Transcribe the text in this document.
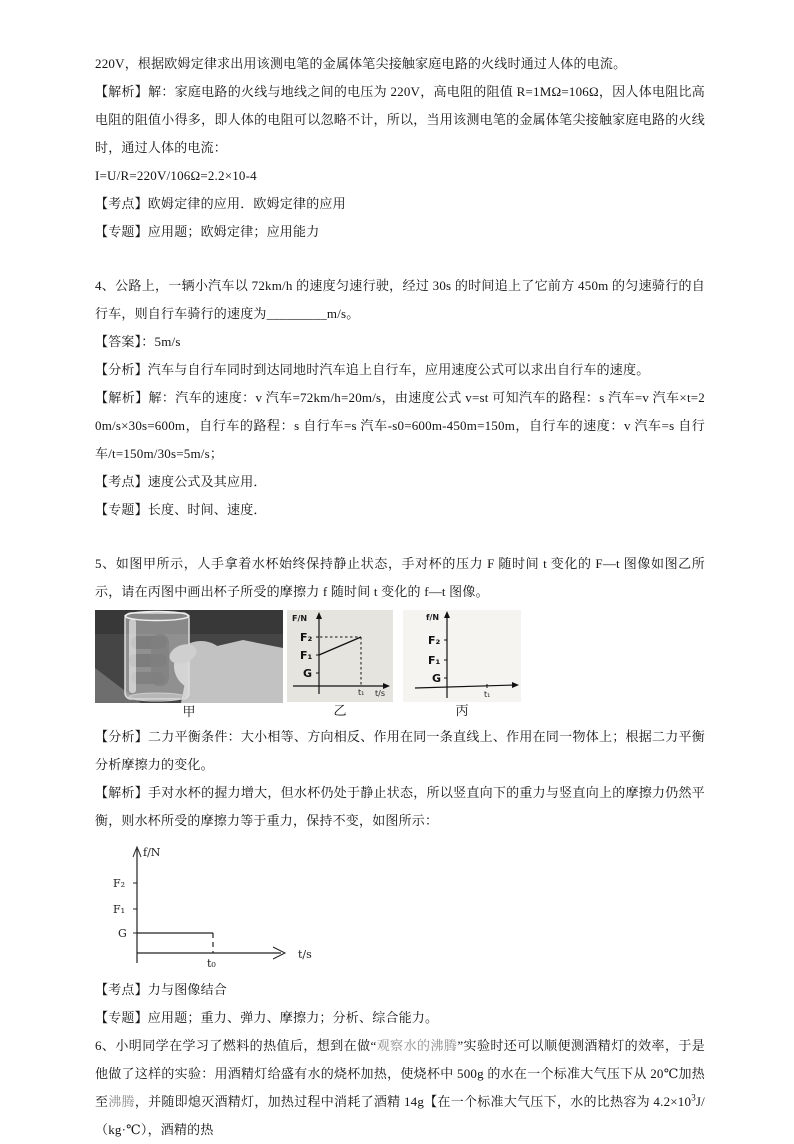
220V，根据欧姆定律求出用该测电笔的金属体笔尖接触家庭电路的火线时通过人体的电流。

【解析】解：家庭电路的火线与地线之间的电压为 220V，高电阻的阻值 R=1MΩ=106Ω，因人体电阻比高电阻的阻值小得多，即人体的电阻可以忽略不计，所以，当用该测电笔的金属体笔尖接触家庭电路的火线时，通过人体的电流：

I=U/R=220V/106Ω=2.2×10-4

【考点】欧姆定律的应用．欧姆定律的应用

【专题】应用题；欧姆定律；应用能力

4、公路上，一辆小汽车以 72km/h 的速度匀速行驶，经过 30s 的时间追上了它前方 450m 的匀速骑行的自行车，则自行车骑行的速度为_________m/s。

【答案】：5m/s

【分析】汽车与自行车同时到达同地时汽车追上自行车，应用速度公式可以求出自行车的速度。

【解析】解：汽车的速度：v 汽车=72km/h=20m/s，由速度公式 v=st 可知汽车的路程：s 汽车=v 汽车×t=20m/s×30s=600m，自行车的路程：s 自行车=s 汽车-s0=600m-450m=150m，自行车的速度：v 汽车=s 自行车/t=150m/30s=5m/s；

【考点】速度公式及其应用．

【专题】长度、时间、速度．

5、如图甲所示，人手拿着水杯始终保持静止状态，手对杯的压力 F 随时间 t 变化的 F—t 图像如图乙所示，请在丙图中画出杯子所受的摩擦力 f 随时间 t 变化的 f—t 图像。

甲
F/N
t/s
F₂
F₁
G
t₁
乙
f/N
F₂
F₁
G
t₁
丙

【分析】二力平衡条件：大小相等、方向相反、作用在同一条直线上、作用在同一物体上；根据二力平衡分析摩擦力的变化。

【解析】手对水杯的握力增大，但水杯仍处于静止状态，所以竖直向下的重力与竖直向上的摩擦力仍然平衡，则水杯所受的摩擦力等于重力，保持不变，如图所示：

f/N
t/s
F₂
F₁
G
t₀

【考点】力与图像结合

【专题】应用题；重力、弹力、摩擦力；分析、综合能力。

6、小明同学在学习了燃料的热值后，想到在做“观察水的沸腾”实验时还可以顺便测酒精灯的效率，于是他做了这样的实验：用酒精灯给盛有水的烧杯加热，使烧杯中 500g 的水在一个标准大气压下从 20℃加热至沸腾，并随即熄灭酒精灯，加热过程中消耗了酒精 14g【在一个标准大气压下，水的比热容为 $4.2\times 10^3J/(kg\cdot℃)$，酒精的热
